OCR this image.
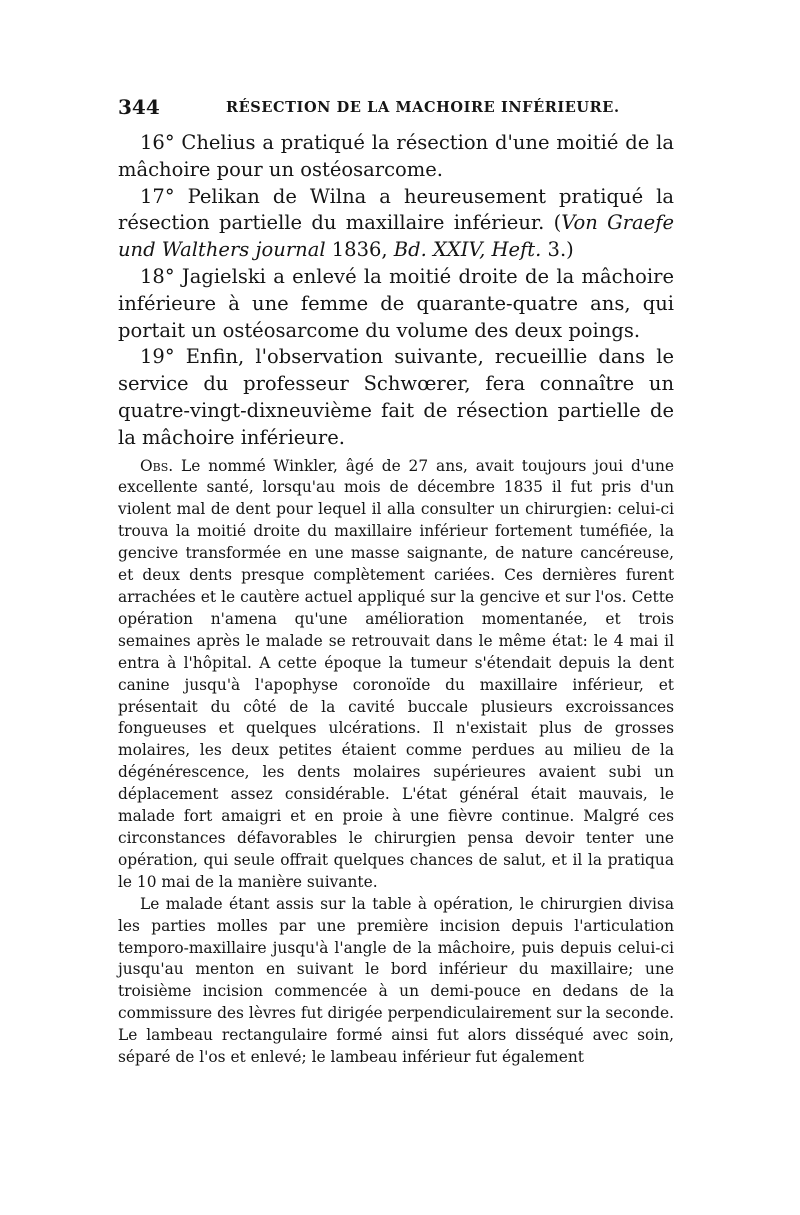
344	RÉSECTION DE LA MACHOIRE INFÉRIEURE.

16° Chelius a pratiqué la résection d'une moitié de la mâchoire pour un ostéosarcome.

17° Pelikan de Wilna a heureusement pratiqué la résection partielle du maxillaire inférieur. (Von Graefe und Walthers journal 1836, Bd. XXIV, Heft. 3.)

18° Jagielski a enlevé la moitié droite de la mâchoire inférieure à une femme de quarante-quatre ans, qui portait un ostéosarcome du volume des deux poings.

19° Enfin, l'observation suivante, recueillie dans le service du professeur Schwœrer, fera connaître un quatre-vingt-dixneuvième fait de résection partielle de la mâchoire inférieure.

Obs. Le nommé Winkler, âgé de 27 ans, avait toujours joui d'une excellente santé, lorsqu'au mois de décembre 1835 il fut pris d'un violent mal de dent pour lequel il alla consulter un chirurgien: celui-ci trouva la moitié droite du maxillaire inférieur fortement tuméfiée, la gencive transformée en une masse saignante, de nature cancéreuse, et deux dents presque complètement cariées. Ces dernières furent arrachées et le cautère actuel appliqué sur la gencive et sur l'os. Cette opération n'amena qu'une amélioration momentanée, et trois semaines après le malade se retrouvait dans le même état: le 4 mai il entra à l'hôpital. A cette époque la tumeur s'étendait depuis la dent canine jusqu'à l'apophyse coronoïde du maxillaire inférieur, et présentait du côté de la cavité buccale plusieurs excroissances fongueuses et quelques ulcérations. Il n'existait plus de grosses molaires, les deux petites étaient comme perdues au milieu de la dégénérescence, les dents molaires supérieures avaient subi un déplacement assez considérable. L'état général était mauvais, le malade fort amaigri et en proie à une fièvre continue. Malgré ces circonstances défavorables le chirurgien pensa devoir tenter une opération, qui seule offrait quelques chances de salut, et il la pratiqua le 10 mai de la manière suivante.

Le malade étant assis sur la table à opération, le chirurgien divisa les parties molles par une première incision depuis l'articulation temporo-maxillaire jusqu'à l'angle de la mâchoire, puis depuis celui-ci jusqu'au menton en suivant le bord inférieur du maxillaire; une troisième incision commencée à un demi-pouce en dedans de la commissure des lèvres fut dirigée perpendiculairement sur la seconde. Le lambeau rectangulaire formé ainsi fut alors disséqué avec soin, séparé de l'os et enlevé; le lambeau inférieur fut également
